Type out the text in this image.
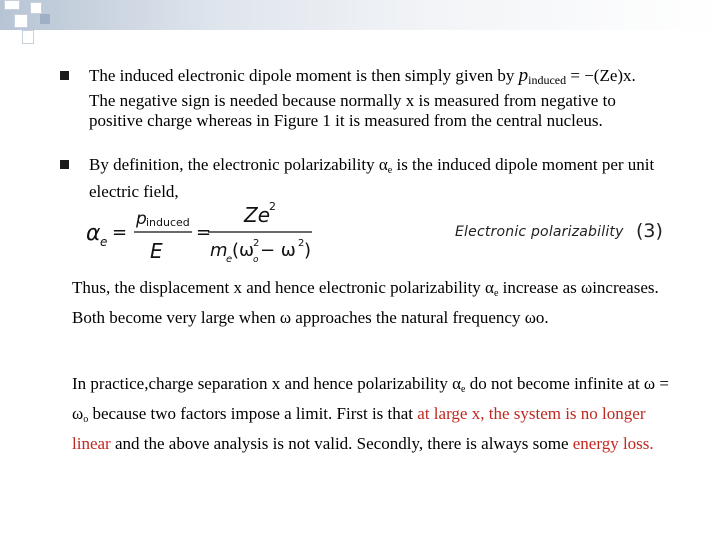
The induced electronic dipole moment is then simply given by $p_{induced} = -(Ze)x$. The negative sign is needed because normally x is measured from negative to positive charge whereas in Figure 1 it is measured from the central nucleus.
By definition, the electronic polarizability $\alpha_e$ is the induced dipole moment per unit electric field,
α e =
p induced
E
=
Ze
2
m
e (ω
o
2 − ω 2 )
Electronic polarizability (3)
Thus, the displacement x and hence electronic polarizability $\alpha_e$ increase as ωincreases. Both become very large when ω approaches the natural frequency ωo.
In practice,charge separation x and hence polarizability $\alpha_e$ do not become infinite at $\omega = \omega_o$ because two factors impose a limit. First is that at large x, the system is no longer linear and the above analysis is not valid. Secondly, there is always some energy loss.
